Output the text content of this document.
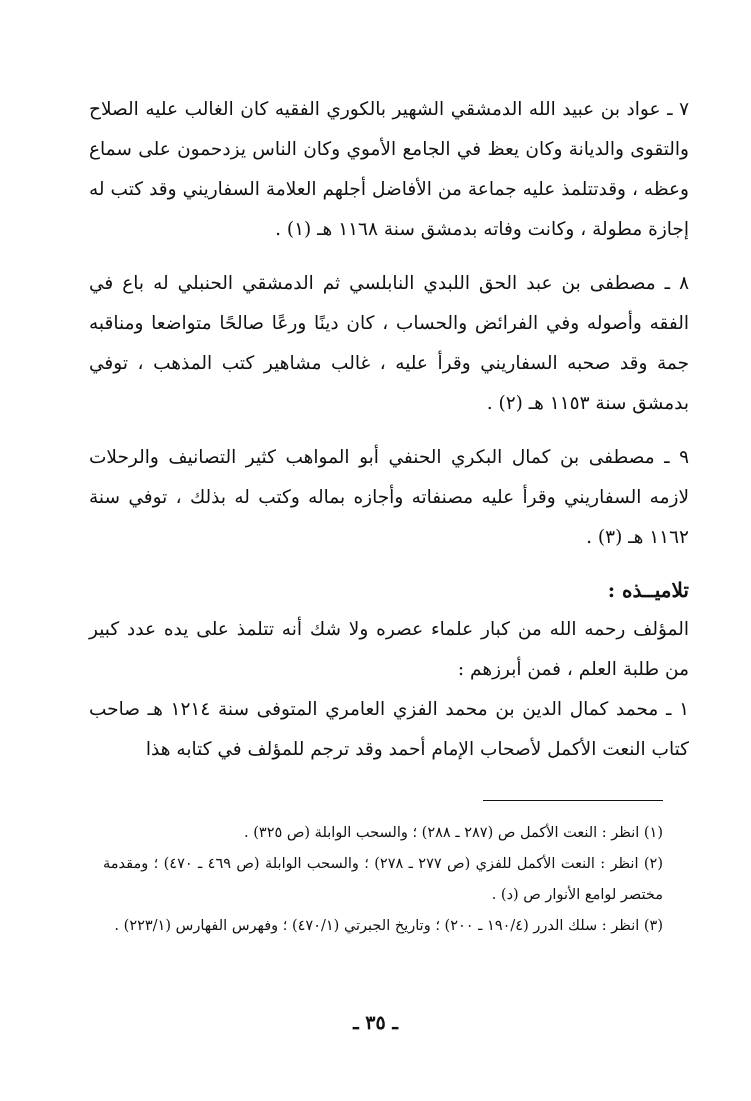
٧ ـ عواد بن عبيد الله الدمشقي الشهير بالكوري الفقيه كان الغالب عليه الصلاح والتقوى والديانة وكان يعظ في الجامع الأموي وكان الناس يزدحمون على سماع وعظه ، وقدتتلمذ عليه جماعة من الأفاضل أجلهم العلامة السفاريني وقد كتب له إجازة مطولة ، وكانت وفاته بدمشق سنة ١١٦٨ هـ (١) .

٨ ـ مصطفى بن عبد الحق اللبدي النابلسي ثم الدمشقي الحنبلي له باع في الفقه وأصوله وفي الفرائض والحساب ، كان دينًا ورعًا صالحًا متواضعا ومناقبه جمة وقد صحبه السفاريني وقرأ عليه ، غالب مشاهير كتب المذهب ، توفي بدمشق سنة ١١٥٣ هـ (٢) .

٩ ـ مصطفى بن كمال البكري الحنفي أبو المواهب كثير التصانيف والرحلات لازمه السفاريني وقرأ عليه مصنفاته وأجازه بماله وكتب له بذلك ، توفي سنة ١١٦٢ هـ (٣) .

تلاميــذه :

المؤلف رحمه الله من كبار علماء عصره ولا شك أنه تتلمذ على يده عدد كبير من طلبة العلم ، فمن أبرزهم :

١ ـ محمد كمال الدين بن محمد الفزي العامري المتوفى سنة ١٢١٤ هـ صاحب كتاب النعت الأكمل لأصحاب الإمام أحمد وقد ترجم للمؤلف في كتابه هذا

(١) انظر : النعت الأكمل ص (٢٨٧ ـ ٢٨٨) ؛ والسحب الوابلة (ص ٣٢٥) .

(٢) انظر : النعت الأكمل للفزي (ص ٢٧٧ ـ ٢٧٨) ؛ والسحب الوابلة (ص ٤٦٩ ـ ٤٧٠) ؛ ومقدمة مختصر لوامع الأنوار ص (د) .

(٣) انظر : سلك الدرر (١٩٠/٤ ـ ٢٠٠) ؛ وتاريخ الجبرتي (٤٧٠/١) ؛ وفهرس الفهارس (٢٢٣/١) .

ـ ٣٥ ـ
